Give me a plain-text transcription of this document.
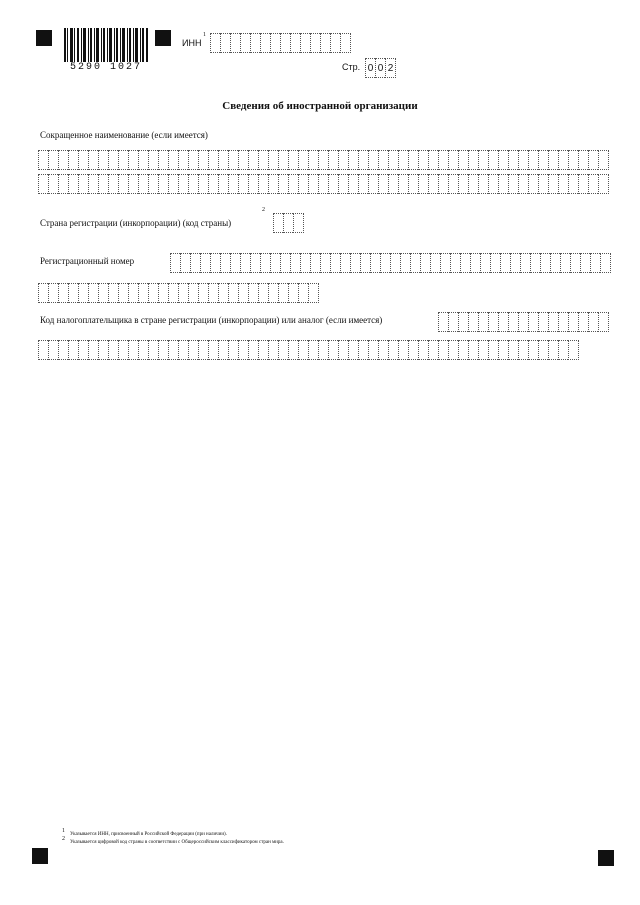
5290 1027
ИНН
1
Стр. 0 0 2
Сведения об иностранной организации
Сокращенное наименование (если имеется)
Страна регистрации (инкорпорации) (код страны)
2
Регистрационный номер
Код налогоплательщика в стране регистрации (инкорпорации) или аналог (если имеется)
1
Указывается ИНН, присвоенный в Российской Федерации (при наличии).
2
Указывается цифровой код страны в соответствии с Общероссийским классификатором стран мира.
